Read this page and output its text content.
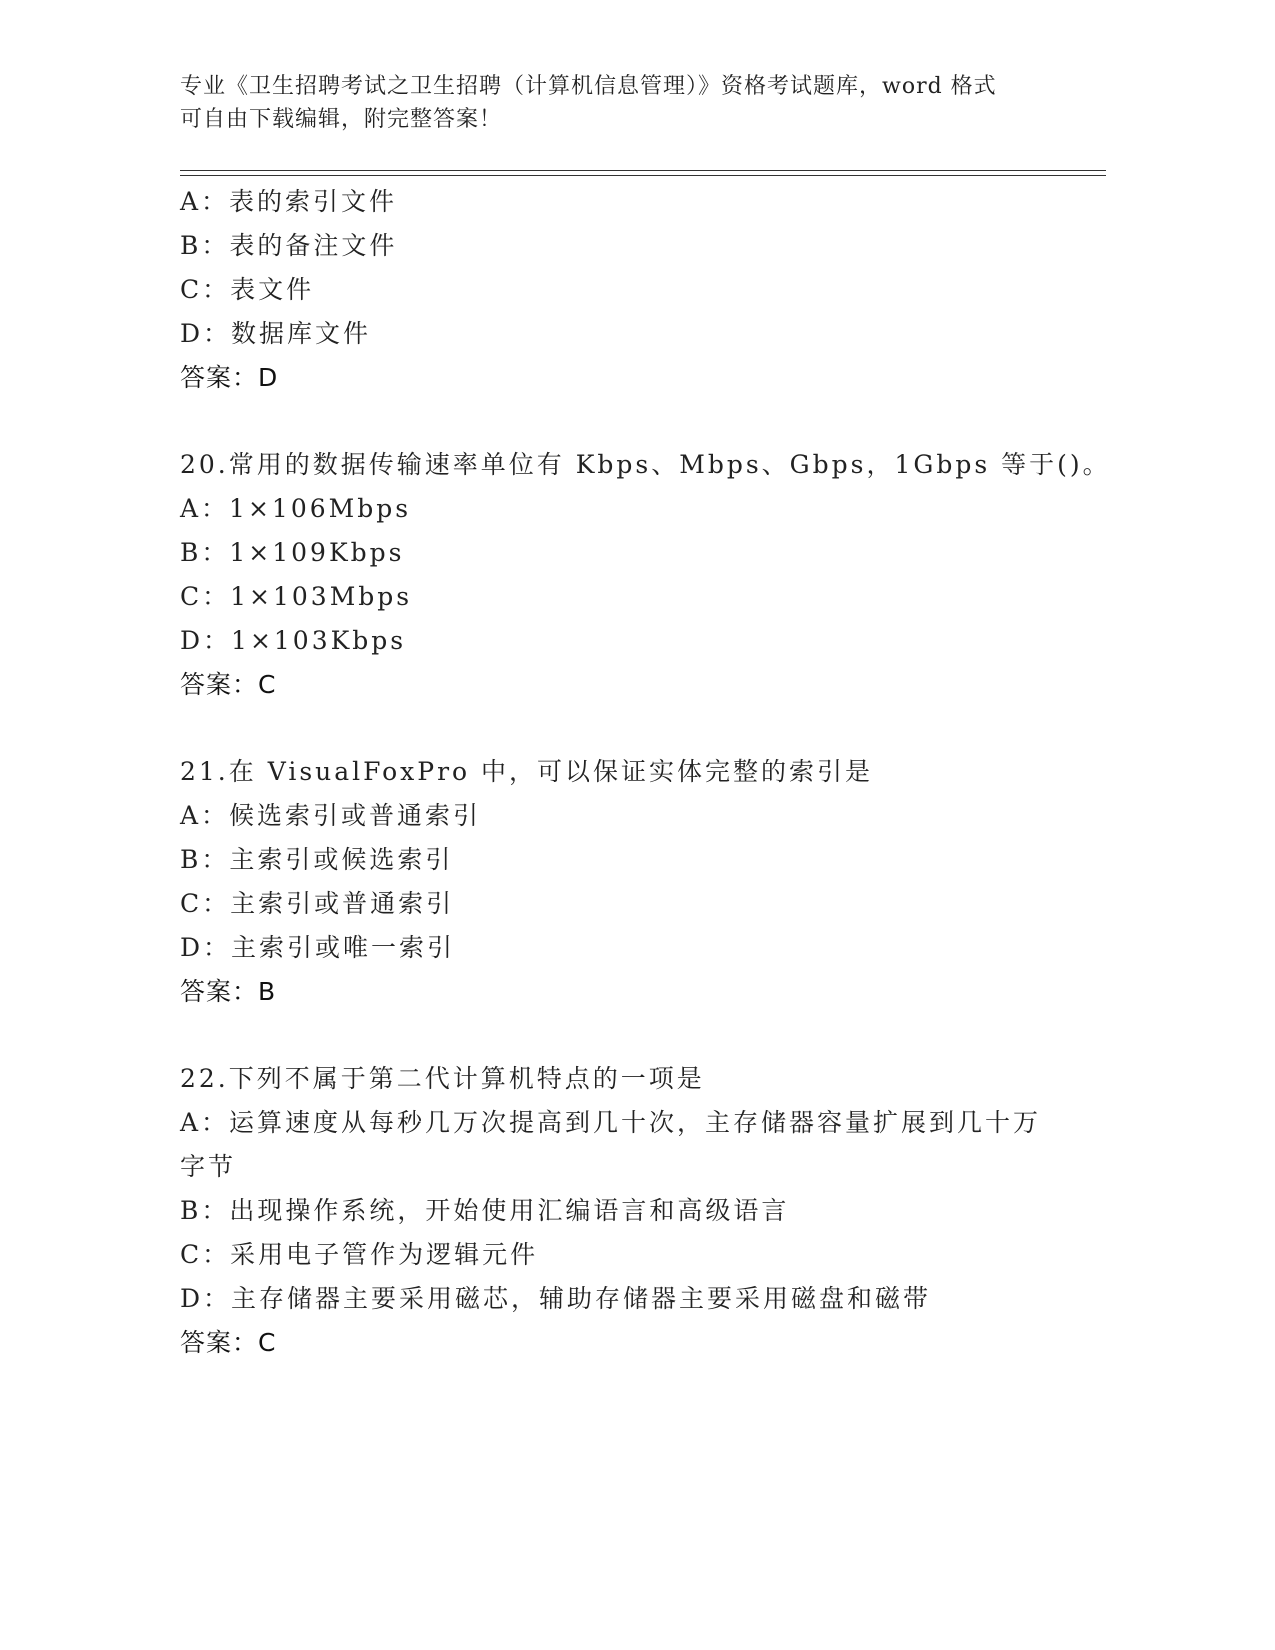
专业《卫生招聘考试之卫生招聘（计算机信息管理）》资格考试题库，word 格式
可自由下载编辑，附完整答案！
A：表的索引文件
B：表的备注文件
C：表文件
D：数据库文件
答案：D
20.常用的数据传输速率单位有 Kbps、Mbps、Gbps，1Gbps 等于()。
A：1×106Mbps
B：1×109Kbps
C：1×103Mbps
D：1×103Kbps
答案：C
21.在 VisualFoxPro 中，可以保证实体完整的索引是
A：候选索引或普通索引
B：主索引或候选索引
C：主索引或普通索引
D：主索引或唯一索引
答案：B
22.下列不属于第二代计算机特点的一项是
A：运算速度从每秒几万次提高到几十次，主存储器容量扩展到几十万
字节
B：出现操作系统，开始使用汇编语言和高级语言
C：采用电子管作为逻辑元件
D：主存储器主要采用磁芯，辅助存储器主要采用磁盘和磁带
答案：C
